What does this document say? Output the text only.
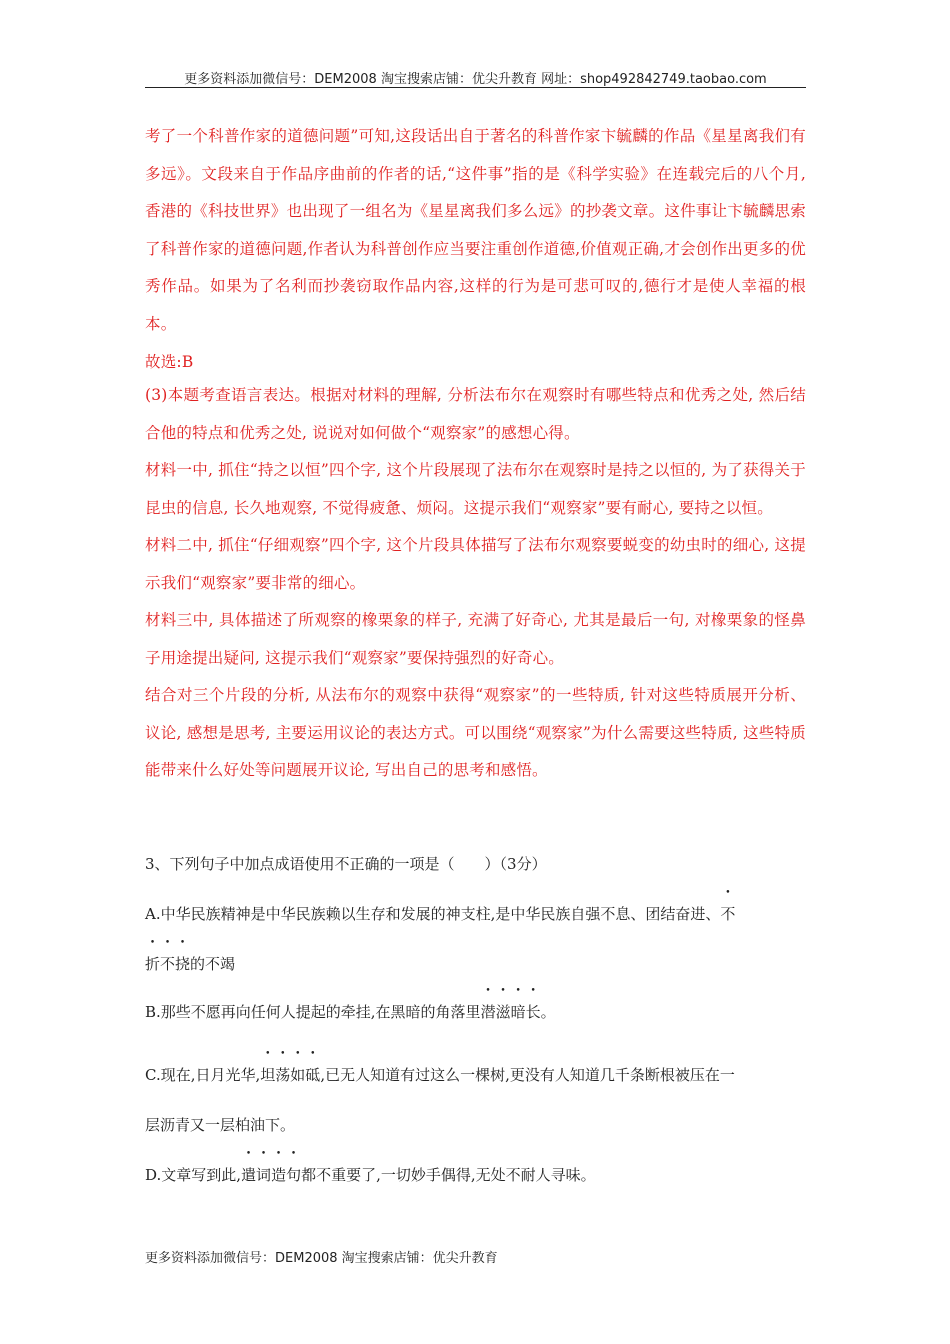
更多资料添加微信号：DEM2008 淘宝搜索店铺：优尖升教育 网址：shop492842749.taobao.com

考了一个科普作家的道德问题”可知,这段话出自于著名的科普作家卞毓麟的作品《星星离我们有多远》。文段来自于作品序曲前的作者的话,“这件事”指的是《科学实验》在连载完后的八个月,香港的《科技世界》也出现了一组名为《星星离我们多么远》的抄袭文章。这件事让卞毓麟思索了科普作家的道德问题,作者认为科普创作应当要注重创作道德,价值观正确,才会创作出更多的优秀作品。如果为了名利而抄袭窃取作品内容,这样的行为是可悲可叹的,德行才是使人幸福的根本。

故选:B

(3)本题考查语言表达。根据对材料的理解, 分析法布尔在观察时有哪些特点和优秀之处, 然后结合他的特点和优秀之处, 说说对如何做个“观察家”的感想心得。

材料一中, 抓住“持之以恒”四个字, 这个片段展现了法布尔在观察时是持之以恒的, 为了获得关于昆虫的信息, 长久地观察, 不觉得疲惫、烦闷。这提示我们“观察家”要有耐心, 要持之以恒。

材料二中, 抓住“仔细观察”四个字, 这个片段具体描写了法布尔观察要蜕变的幼虫时的细心, 这提示我们“观察家”要非常的细心。

材料三中, 具体描述了所观察的橡栗象的样子, 充满了好奇心, 尤其是最后一句, 对橡栗象的怪鼻子用途提出疑问, 这提示我们“观察家”要保持强烈的好奇心。

结合对三个片段的分析, 从法布尔的观察中获得“观察家”的一些特质, 针对这些特质展开分析、议论, 感想是思考, 主要运用议论的表达方式。可以围绕“观察家”为什么需要这些特质, 这些特质能带来什么好处等问题展开议论, 写出自己的思考和感悟。

3、下列句子中加点成语使用不正确的一项是（　　）（3分）
A.中华民族精神是中华民族赖以生存和发展的神支柱,是中华民族自强不息、团结奋进、不
折不挠的不竭
B.那些不愿再向任何人提起的牵挂,在黑暗的角落里潜滋暗长。
C.现在,日月光华,坦荡如砥,已无人知道有过这么一棵树,更没有人知道几千条断根被压在一
层沥青又一层柏油下。
D.文章写到此,遣词造句都不重要了,一切妙手偶得,无处不耐人寻味。
更多资料添加微信号：DEM2008 淘宝搜索店铺：优尖升教育
